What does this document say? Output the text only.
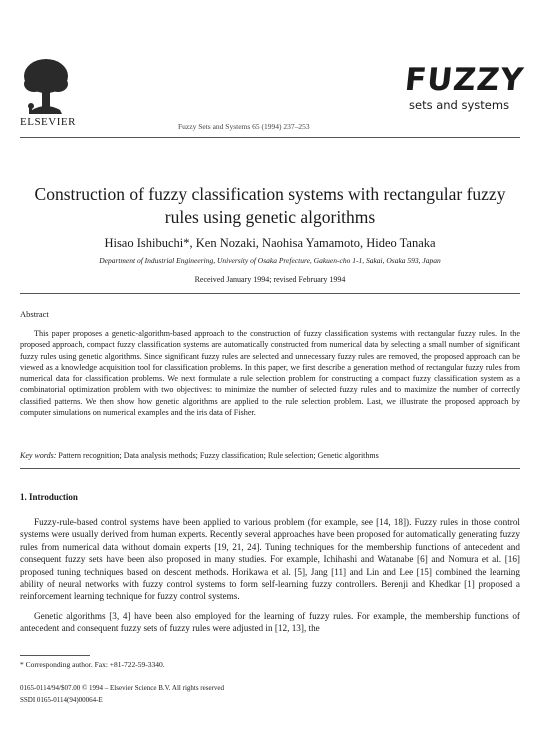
ELSEVIER	Fuzzy Sets and Systems 65 (1994) 237–253
FUZZY
sets and systems
Construction of fuzzy classification systems with rectangular fuzzy rules using genetic algorithms
Hisao Ishibuchi*, Ken Nozaki, Naohisa Yamamoto, Hideo Tanaka
Department of Industrial Engineering, University of Osaka Prefecture, Gakuen-cho 1-1, Sakai, Osaka 593, Japan
Received January 1994; revised February 1994
Abstract

This paper proposes a genetic-algorithm-based approach to the construction of fuzzy classification systems with rectangular fuzzy rules. In the proposed approach, compact fuzzy classification systems are automatically constructed from numerical data by selecting a small number of significant fuzzy rules using genetic algorithms. Since significant fuzzy rules are selected and unnecessary fuzzy rules are removed, the proposed approach can be viewed as a knowledge acquisition tool for classification problems. In this paper, we first describe a generation method of rectangular fuzzy rules from numerical data for classification problems. We next formulate a rule selection problem for constructing a compact fuzzy classification system as a combinatorial optimization problem with two objectives: to minimize the number of selected fuzzy rules and to maximize the number of correctly classified patterns. We then show how genetic algorithms are applied to the rule selection problem. Last, we illustrate the proposed approach by computer simulations on numerical examples and the iris data of Fisher.

Key words: Pattern recognition; Data analysis methods; Fuzzy classification; Rule selection; Genetic algorithms
1. Introduction

Fuzzy-rule-based control systems have been applied to various problem (for example, see [14, 18]). Fuzzy rules in those control systems were usually derived from human experts. Recently several approaches have been proposed for automatically generating fuzzy rules from numerical data without domain experts [19, 21, 24]. Tuning techniques for the membership functions of antecedent and consequent fuzzy sets have been also proposed in many studies. For example, Ichihashi and Watanabe [6] and Nomura et al. [16] proposed tuning techniques based on descent methods. Horikawa et al. [5], Jang [11] and Lin and Lee [15] combined the learning ability of neural networks with fuzzy control systems to form self-learning fuzzy controllers. Berenji and Khedkar [1] proposed a reinforcement learning technique for fuzzy control systems.

Genetic algorithms [3, 4] have been also employed for the learning of fuzzy rules. For example, the membership functions of antecedent and consequent fuzzy sets of fuzzy rules were adjusted in [12, 13], the

* Corresponding author. Fax: +81-722-59-3340.
0165-0114/94/$07.00 © 1994 – Elsevier Science B.V. All rights reserved
SSDI 0165-0114(94)00064-E
